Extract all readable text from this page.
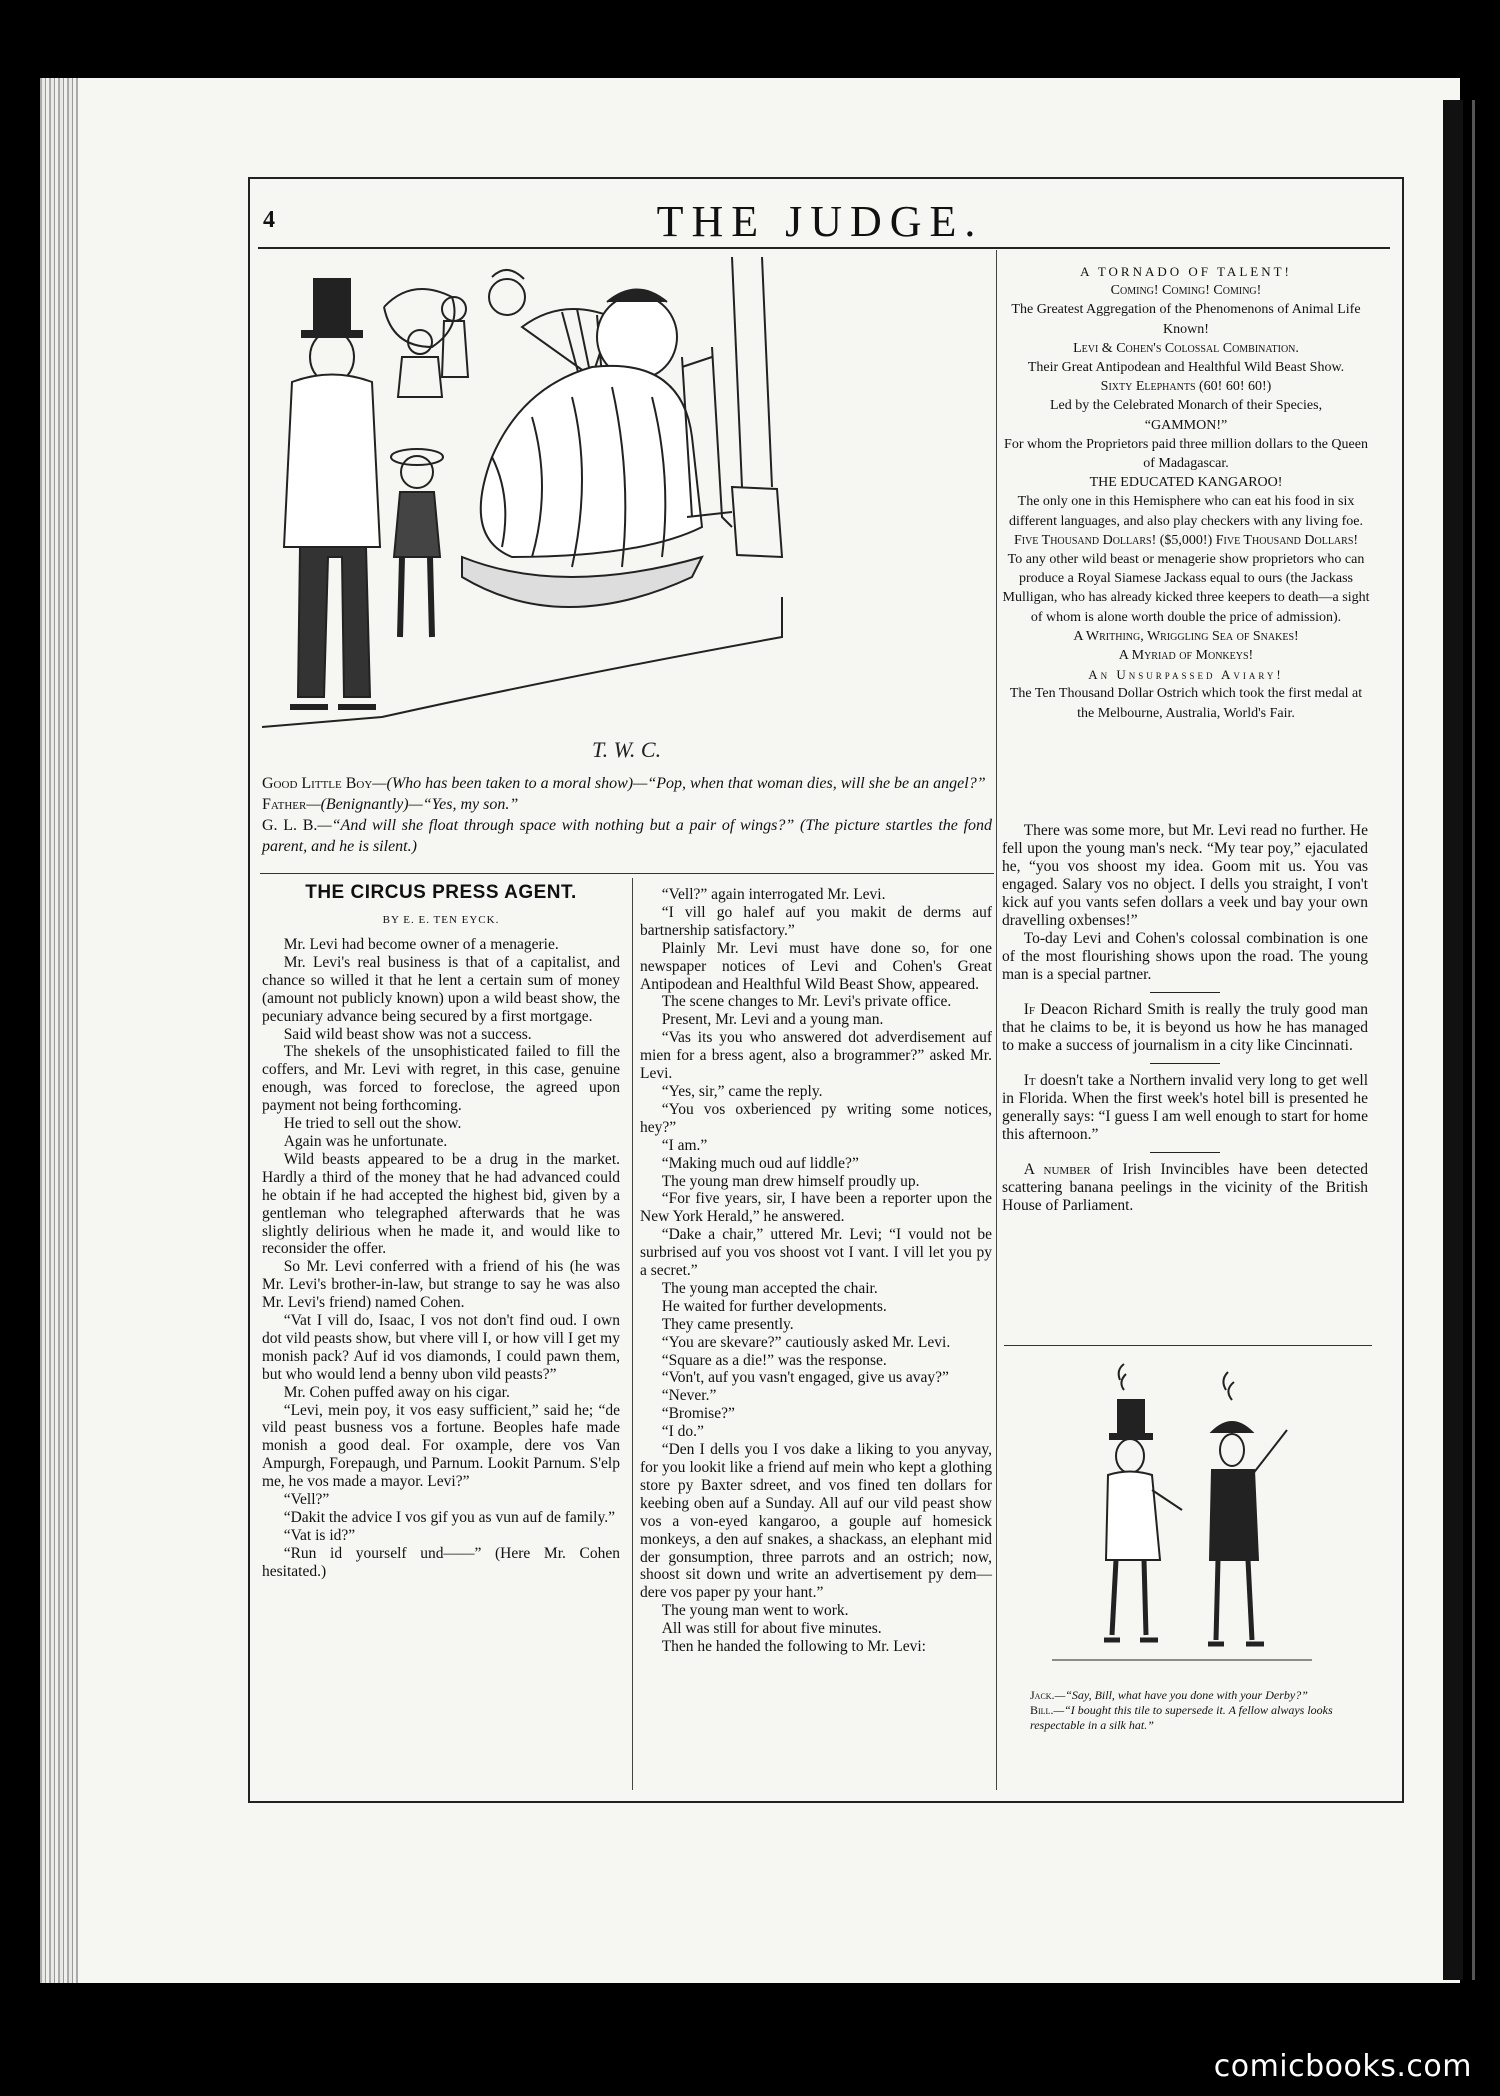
4	THE JUDGE.
T. W. C.

Good Little Boy—(Who has been taken to a moral show)—“Pop, when that woman dies, will she be an angel?”

Father—(Benignantly)—“Yes, my son.”

G. L. B.—“And will she float through space with nothing but a pair of wings?” (The picture startles the fond parent, and he is silent.)

THE CIRCUS PRESS AGENT.
BY E. E. TEN EYCK.

Mr. Levi had become owner of a menagerie.

Mr. Levi's real business is that of a capitalist, and chance so willed it that he lent a certain sum of money (amount not publicly known) upon a wild beast show, the pecuniary advance being secured by a first mortgage.

Said wild beast show was not a success.

The shekels of the unsophisticated failed to fill the coffers, and Mr. Levi with regret, in this case, genuine enough, was forced to foreclose, the agreed upon payment not being forthcoming.

He tried to sell out the show.

Again was he unfortunate.

Wild beasts appeared to be a drug in the market. Hardly a third of the money that he had advanced could he obtain if he had accepted the highest bid, given by a gentleman who telegraphed afterwards that he was slightly delirious when he made it, and would like to reconsider the offer.

So Mr. Levi conferred with a friend of his (he was Mr. Levi's brother-in-law, but strange to say he was also Mr. Levi's friend) named Cohen.

“Vat I vill do, Isaac, I vos not don't find oud. I own dot vild peasts show, but vhere vill I, or how vill I get my monish pack? Auf id vos diamonds, I could pawn them, but who would lend a benny ubon vild peasts?”

Mr. Cohen puffed away on his cigar.

“Levi, mein poy, it vos easy sufficient,” said he; “de vild peast busness vos a fortune. Beoples hafe made monish a good deal. For oxample, dere vos Van Ampurgh, Forepaugh, und Parnum. Lookit Parnum. S'elp me, he vos made a mayor. Levi?”

“Vell?”

“Dakit the advice I vos gif you as vun auf de family.”

“Vat is id?”

“Run id yourself und——” (Here Mr. Cohen hesitated.)

“Vell?” again interrogated Mr. Levi.

“I vill go halef auf you makit de derms auf bartnership satisfactory.”

Plainly Mr. Levi must have done so, for one newspaper notices of Levi and Cohen's Great Antipodean and Healthful Wild Beast Show, appeared.

The scene changes to Mr. Levi's private office.

Present, Mr. Levi and a young man.

“Vas its you who answered dot adverdisement auf mien for a bress agent, also a brogrammer?” asked Mr. Levi.

“Yes, sir,” came the reply.

“You vos oxberienced py writing some notices, hey?”

“I am.”

“Making much oud auf liddle?”

The young man drew himself proudly up.

“For five years, sir, I have been a reporter upon the New York Herald,” he answered.

“Dake a chair,” uttered Mr. Levi; “I vould not be surbrised auf you vos shoost vot I vant. I vill let you py a secret.”

The young man accepted the chair.

He waited for further developments.

They came presently.

“You are skevare?” cautiously asked Mr. Levi.

“Square as a die!” was the response.

“Von't, auf you vasn't engaged, give us avay?”

“Never.”

“Bromise?”

“I do.”

“Den I dells you I vos dake a liking to you anyvay, for you lookit like a friend auf mein who kept a glothing store py Baxter sdreet, and vos fined ten dollars for keebing oben auf a Sunday. All auf our vild peast show vos a von-eyed kangaroo, a gouple auf homesick monkeys, a den auf snakes, a shackass, an elephant mid der gonsumption, three parrots and an ostrich; now, shoost sit down und write an advertisement py dem—dere vos paper py your hant.”

The young man went to work.

All was still for about five minutes.

Then he handed the following to Mr. Levi:

A TORNADO OF TALENT!
Coming! Coming! Coming!
The Greatest Aggregation of the Phenomenons of Animal Life Known!
Levi & Cohen's Colossal Combination.
Their Great Antipodean and Healthful Wild Beast Show.
Sixty Elephants (60! 60! 60!)
Led by the Celebrated Monarch of their Species,
“GAMMON!”
For whom the Proprietors paid three million dollars to the Queen of Madagascar.
THE EDUCATED KANGAROO!
The only one in this Hemisphere who can eat his food in six different languages, and also play checkers with any living foe.
Five Thousand Dollars! ($5,000!) Five Thousand Dollars!
To any other wild beast or menagerie show proprietors who can produce a Royal Siamese Jackass equal to ours (the Jackass Mulligan, who has already kicked three keepers to death—a sight of whom is alone worth double the price of admission).
A Writhing, Wriggling Sea of Snakes!
A Myriad of Monkeys!
An Unsurpassed Aviary!
The Ten Thousand Dollar Ostrich which took the first medal at the Melbourne, Australia, World's Fair.

There was some more, but Mr. Levi read no further. He fell upon the young man's neck. “My tear poy,” ejaculated he, “you vos shoost my idea. Goom mit us. You vas engaged. Salary vos no object. I dells you straight, I von't kick auf you vants sefen dollars a veek und bay your own dravelling oxbenses!”

To-day Levi and Cohen's colossal combination is one of the most flourishing shows upon the road. The young man is a special partner.

If Deacon Richard Smith is really the truly good man that he claims to be, it is beyond us how he has managed to make a success of journalism in a city like Cincinnati.

It doesn't take a Northern invalid very long to get well in Florida. When the first week's hotel bill is presented he generally says: “I guess I am well enough to start for home this afternoon.”

A number of Irish Invincibles have been detected scattering banana peelings in the vicinity of the British House of Parliament.

Jack.—“Say, Bill, what have you done with your Derby?”

Bill.—“I bought this tile to supersede it. A fellow always looks respectable in a silk hat.”

comicbooks.com
